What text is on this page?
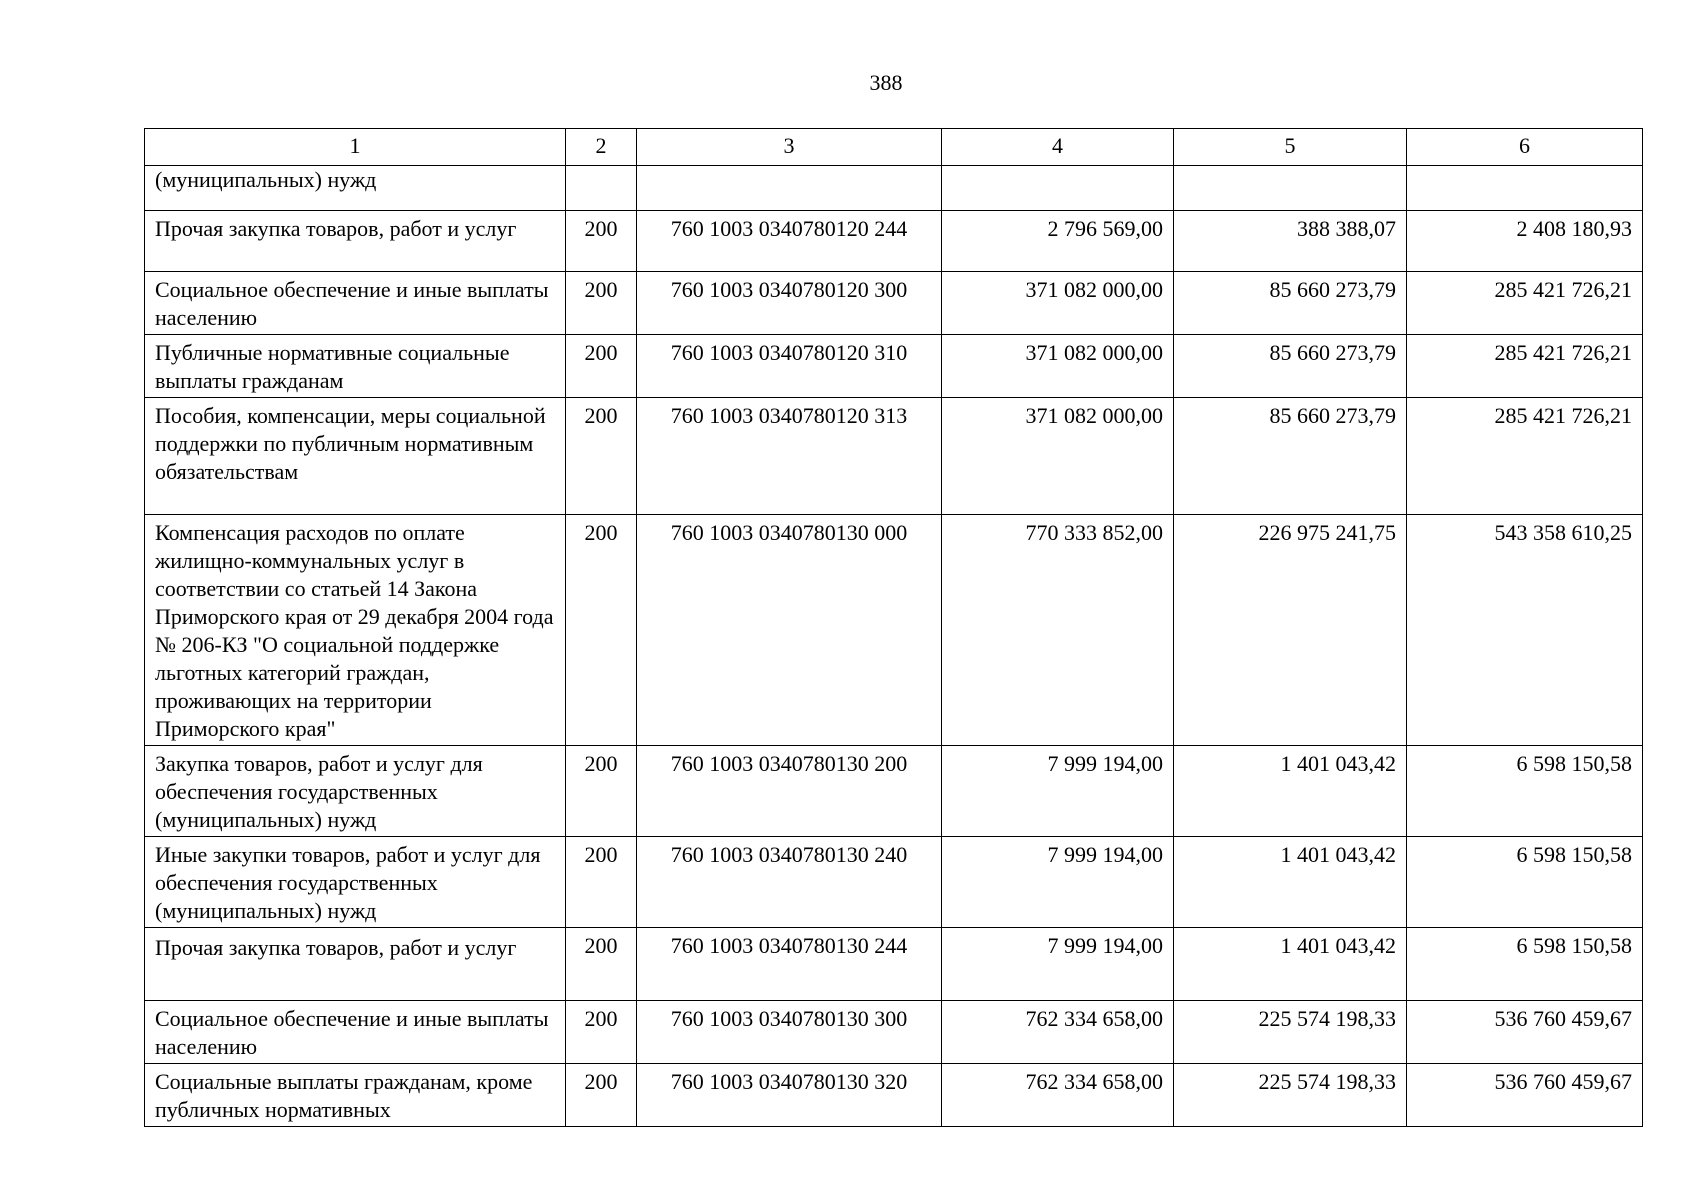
388
1	2	3	4	5	6
(муниципальных) нужд					
Прочая закупка товаров, работ и услуг	200	760 1003 0340780120 244	2 796 569,00	388 388,07	2 408 180,93
Социальное обеспечение и иные выплаты населению	200	760 1003 0340780120 300	371 082 000,00	85 660 273,79	285 421 726,21
Публичные нормативные социальные выплаты гражданам	200	760 1003 0340780120 310	371 082 000,00	85 660 273,79	285 421 726,21
Пособия, компенсации, меры социальной поддержки по публичным нормативным обязательствам	200	760 1003 0340780120 313	371 082 000,00	85 660 273,79	285 421 726,21
Компенсация расходов по оплате жилищно-коммунальных услуг в соответствии со статьей 14 Закона Приморского края от 29 декабря 2004 года № 206-КЗ "О социальной поддержке льготных категорий граждан, проживающих на территории Приморского края"	200	760 1003 0340780130 000	770 333 852,00	226 975 241,75	543 358 610,25
Закупка товаров, работ и услуг для обеспечения государственных (муниципальных) нужд	200	760 1003 0340780130 200	7 999 194,00	1 401 043,42	6 598 150,58
Иные закупки товаров, работ и услуг для обеспечения государственных (муниципальных) нужд	200	760 1003 0340780130 240	7 999 194,00	1 401 043,42	6 598 150,58
Прочая закупка товаров, работ и услуг	200	760 1003 0340780130 244	7 999 194,00	1 401 043,42	6 598 150,58
Социальное обеспечение и иные выплаты населению	200	760 1003 0340780130 300	762 334 658,00	225 574 198,33	536 760 459,67
Социальные выплаты гражданам, кроме публичных нормативных	200	760 1003 0340780130 320	762 334 658,00	225 574 198,33	536 760 459,67
